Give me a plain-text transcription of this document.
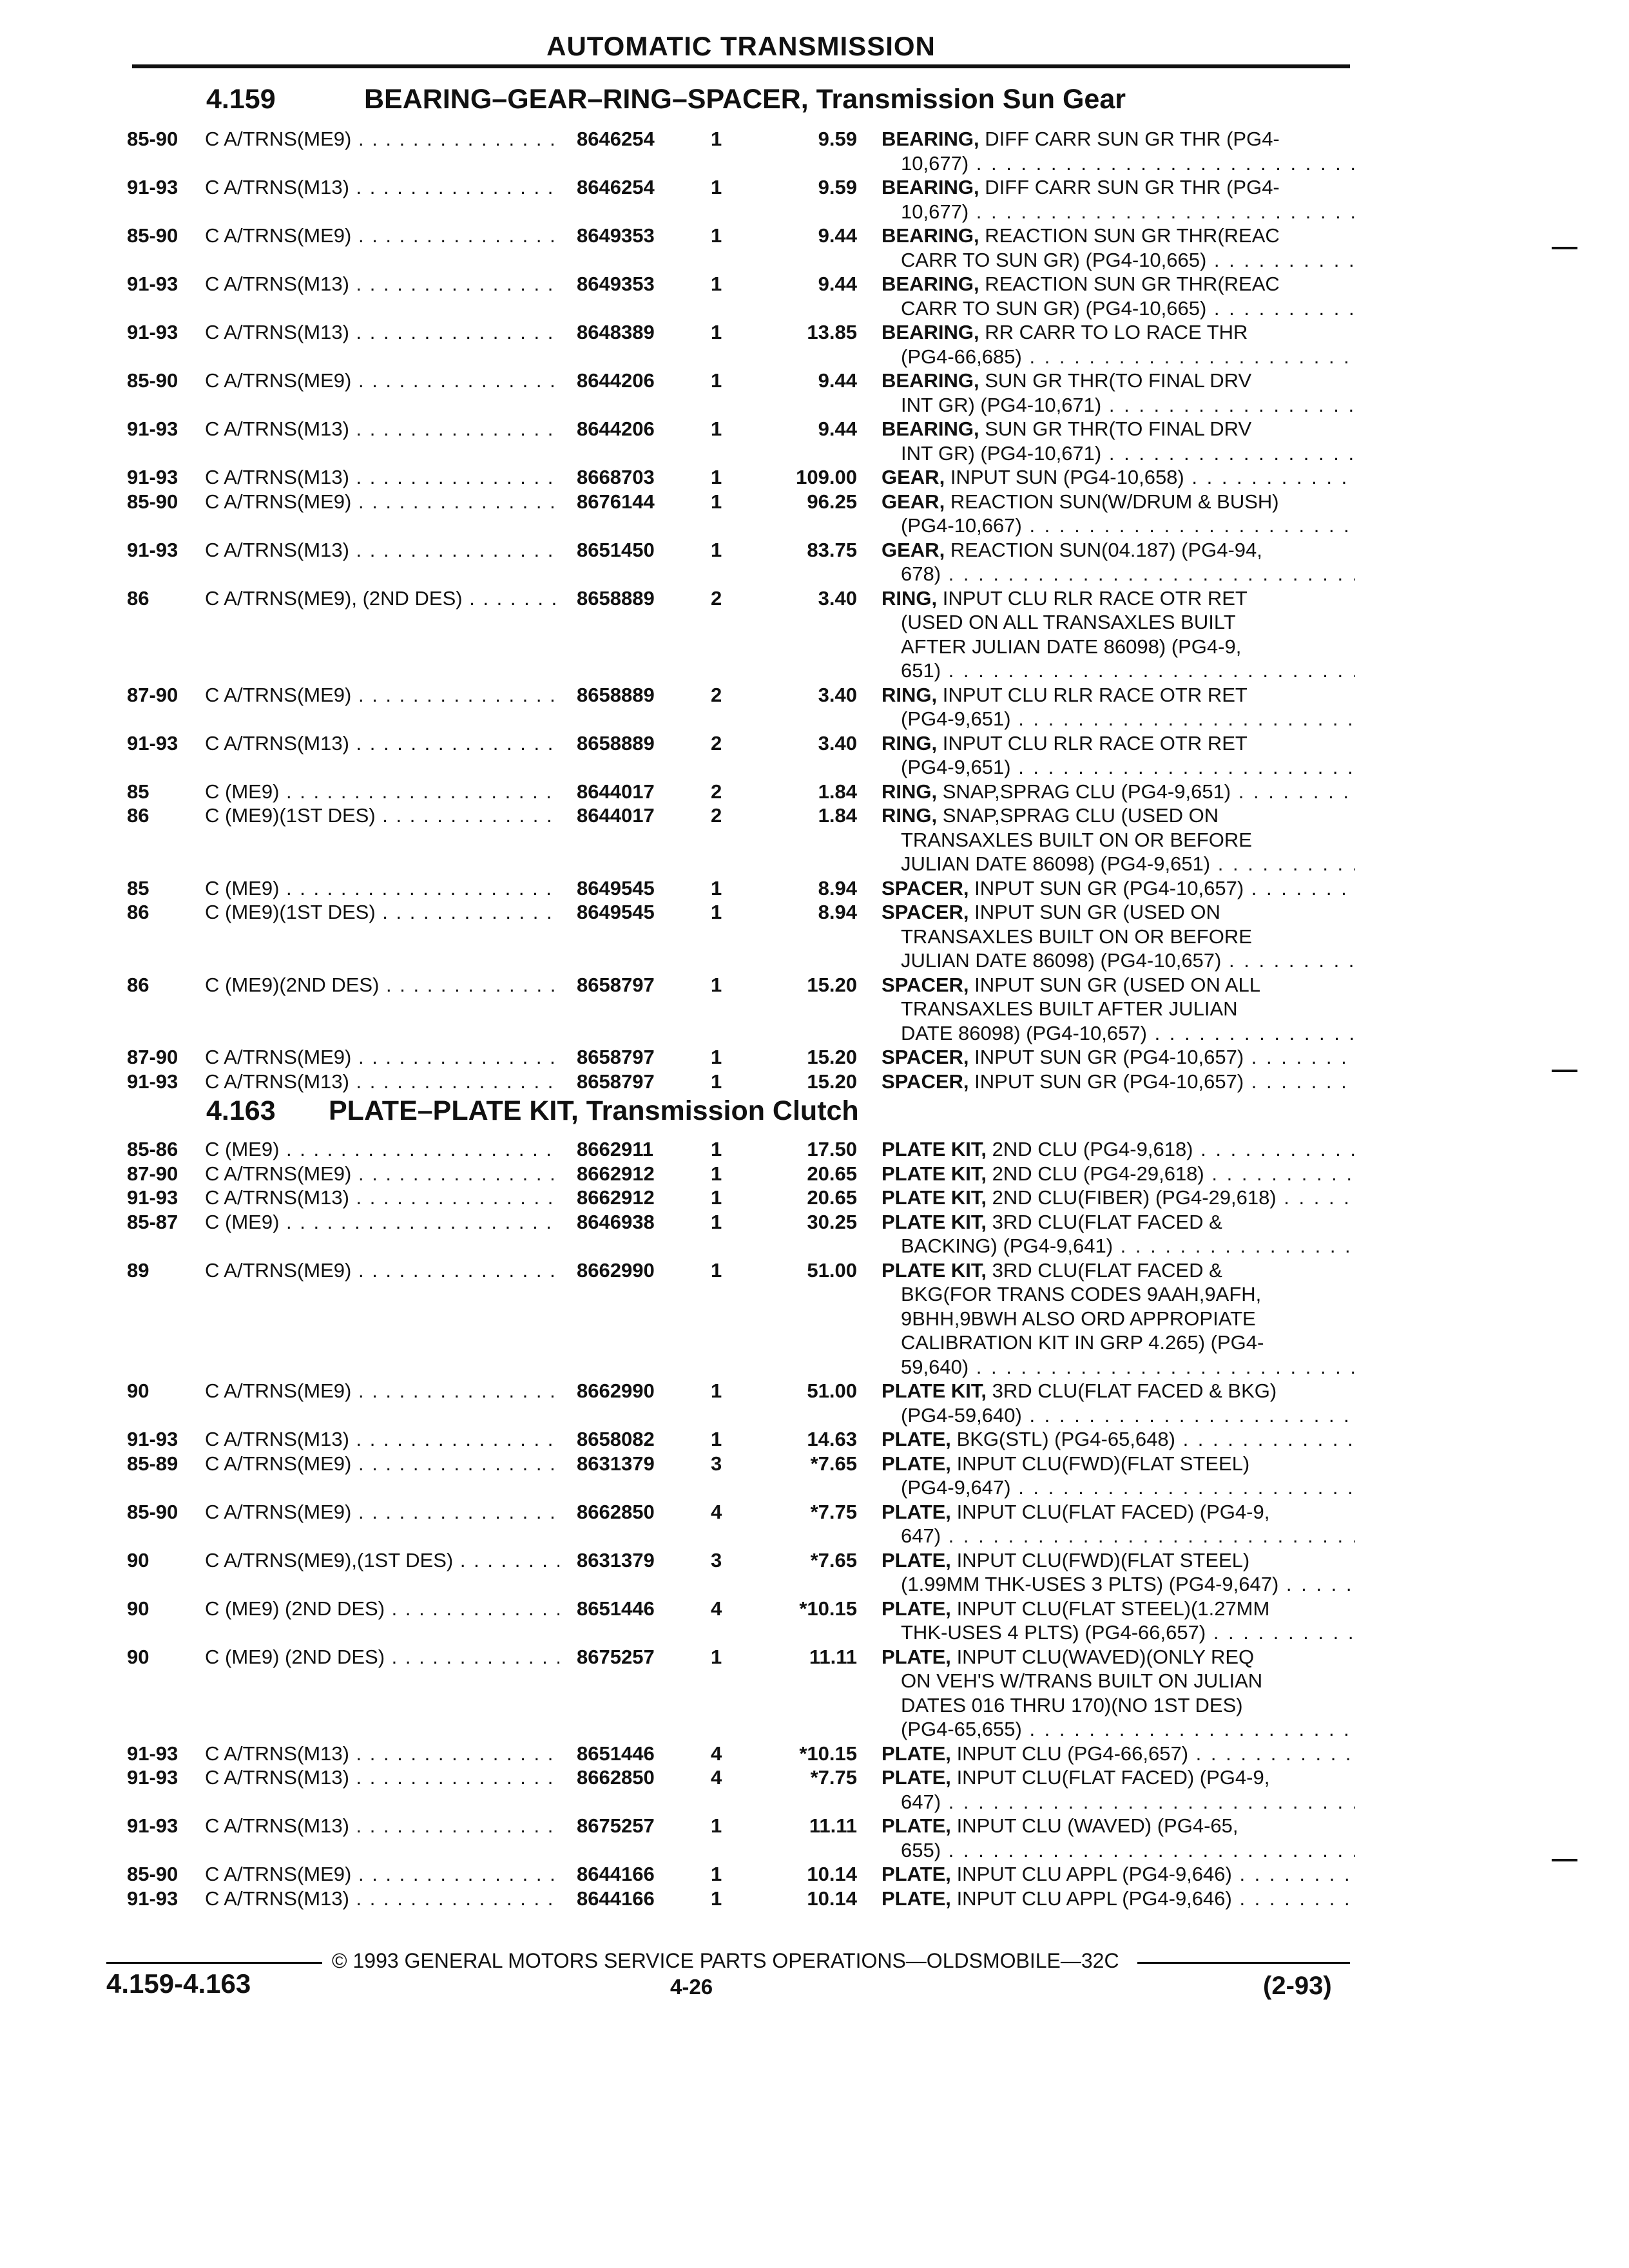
AUTOMATIC TRANSMISSION
4.159	BEARING–GEAR–RING–SPACER, Transmission Sun Gear
85-90 C A/TRNS(ME9) . . .	8646254	1	9.59 BEARING, DIFF CARR SUN GR THR (PG4-
10,677) . . .
91-93 C A/TRNS(M13) . . .	8646254	1	9.59 BEARING, DIFF CARR SUN GR THR (PG4-
10,677) . . .
85-90 C A/TRNS(ME9) . . .	8649353	1	9.44 BEARING, REACTION SUN GR THR(REAC
CARR TO SUN GR) (PG4-10,665) . . .
91-93 C A/TRNS(M13) . . .	8649353	1	9.44 BEARING, REACTION SUN GR THR(REAC
CARR TO SUN GR) (PG4-10,665) . . .
91-93 C A/TRNS(M13) . . .	8648389	1	13.85 BEARING, RR CARR TO LO RACE THR
(PG4-66,685) . . .
85-90 C A/TRNS(ME9) . . .	8644206	1	9.44 BEARING, SUN GR THR(TO FINAL DRV
INT GR) (PG4-10,671) . . .
91-93 C A/TRNS(M13) . . .	8644206	1	9.44 BEARING, SUN GR THR(TO FINAL DRV
INT GR) (PG4-10,671) . . .
91-93 C A/TRNS(M13) . . .	8668703	1	109.00 GEAR, INPUT SUN (PG4-10,658) . . .
85-90 C A/TRNS(ME9) . . .	8676144	1	96.25 GEAR, REACTION SUN(W/DRUM & BUSH)
(PG4-10,667) . . .
91-93 C A/TRNS(M13) . . .	8651450	1	83.75 GEAR, REACTION SUN(04.187) (PG4-94,
678) . . .
86	C A/TRNS(ME9), (2ND DES) . . .	8658889	2	3.40 RING, INPUT CLU RLR RACE OTR RET
(USED ON ALL TRANSAXLES BUILT
AFTER JULIAN DATE 86098) (PG4-9,
651) . . .
87-90 C A/TRNS(ME9) . . .	8658889	2	3.40 RING, INPUT CLU RLR RACE OTR RET
(PG4-9,651) . . .
91-93 C A/TRNS(M13) . . .	8658889	2	3.40 RING, INPUT CLU RLR RACE OTR RET
(PG4-9,651) . . .
85	C (ME9) . . .	8644017	2	1.84 RING, SNAP,SPRAG CLU (PG4-9,651) . . .
86	C (ME9)(1ST DES) . . .	8644017	2	1.84 RING, SNAP,SPRAG CLU (USED ON
TRANSAXLES BUILT ON OR BEFORE
JULIAN DATE 86098) (PG4-9,651) . . .
85	C (ME9) . . .	8649545	1	8.94 SPACER, INPUT SUN GR (PG4-10,657) . . .
86	C (ME9)(1ST DES) . . .	8649545	1	8.94 SPACER, INPUT SUN GR (USED ON
TRANSAXLES BUILT ON OR BEFORE
JULIAN DATE 86098) (PG4-10,657) . . .
86	C (ME9)(2ND DES) . . .	8658797	1	15.20 SPACER, INPUT SUN GR (USED ON ALL
TRANSAXLES BUILT AFTER JULIAN
DATE 86098) (PG4-10,657) . . .
87-90 C A/TRNS(ME9) . . .	8658797	1	15.20 SPACER, INPUT SUN GR (PG4-10,657) . . .
91-93 C A/TRNS(M13) . . .	8658797	1	15.20 SPACER, INPUT SUN GR (PG4-10,657) . . .
4.163 PLATE–PLATE KIT, Transmission Clutch
85-86 C (ME9) . . .	8662911	1	17.50 PLATE KIT, 2ND CLU (PG4-9,618) . . .
87-90 C A/TRNS(ME9) . . .	8662912	1	20.65 PLATE KIT, 2ND CLU (PG4-29,618) . . .
91-93 C A/TRNS(M13) . . .	8662912	1	20.65 PLATE KIT, 2ND CLU(FIBER) (PG4-29,618) . . .
85-87 C (ME9) . . .	8646938	1	30.25 PLATE KIT, 3RD CLU(FLAT FACED &
BACKING) (PG4-9,641) . . .
89	C A/TRNS(ME9) . . .	8662990	1	51.00 PLATE KIT, 3RD CLU(FLAT FACED &
BKG(FOR TRANS CODES 9AAH,9AFH,
9BHH,9BWH ALSO ORD APPROPIATE
CALIBRATION KIT IN GRP 4.265) (PG4-
59,640) . . .
90	C A/TRNS(ME9) . . .	8662990	1	51.00 PLATE KIT, 3RD CLU(FLAT FACED & BKG)
(PG4-59,640) . . .
91-93 C A/TRNS(M13) . . .	8658082	1	14.63 PLATE, BKG(STL) (PG4-65,648) . . .
85-89 C A/TRNS(ME9) . . .	8631379	3	*7.65 PLATE, INPUT CLU(FWD)(FLAT STEEL)
(PG4-9,647) . . .
85-90 C A/TRNS(ME9) . . .	8662850	4	*7.75 PLATE, INPUT CLU(FLAT FACED) (PG4-9,
647) . . .
90	C A/TRNS(ME9),(1ST DES) . . .	8631379	3	*7.65 PLATE, INPUT CLU(FWD)(FLAT STEEL)
(1.99MM THK-USES 3 PLTS) (PG4-9,647) . . .
90	C (ME9) (2ND DES) . . .	8651446	4	*10.15 PLATE, INPUT CLU(FLAT STEEL)(1.27MM
THK-USES 4 PLTS) (PG4-66,657) . . .
90	C (ME9) (2ND DES) . . .	8675257	1	11.11 PLATE, INPUT CLU(WAVED)(ONLY REQ
ON VEH'S W/TRANS BUILT ON JULIAN
DATES 016 THRU 170)(NO 1ST DES)
(PG4-65,655) . . .
91-93 C A/TRNS(M13) . . .	8651446	4	*10.15 PLATE, INPUT CLU (PG4-66,657) . . .
91-93 C A/TRNS(M13) . . .	8662850	4	*7.75 PLATE, INPUT CLU(FLAT FACED) (PG4-9,
647) . . .
91-93 C A/TRNS(M13) . . .	8675257	1	11.11 PLATE, INPUT CLU (WAVED) (PG4-65,
655) . . .
85-90 C A/TRNS(ME9) . . .	8644166	1	10.14 PLATE, INPUT CLU APPL (PG4-9,646) . . .
91-93 C A/TRNS(M13) . . .	8644166	1	10.14 PLATE, INPUT CLU APPL (PG4-9,646) . . .
© 1993 GENERAL MOTORS SERVICE PARTS OPERATIONS—OLDSMOBILE—32C
4.159-4.163	4-26	(2-93)
